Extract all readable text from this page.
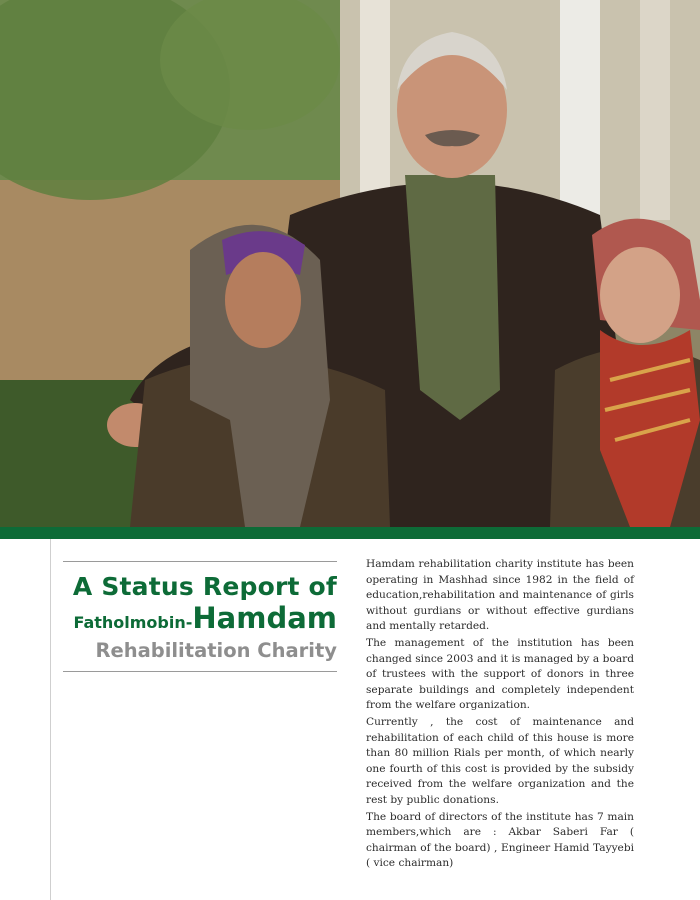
A Status Report of
Fatholmobin-Hamdam
Rehabilitation Charity

Hamdam rehabilitation charity institute has been operating in Mashhad since 1982 in the field of education,rehabilitation and maintenance of girls without gurdians or without effective gurdians and mentally retarded.

The management of the institution has been changed since 2003 and it is managed by a board of trustees with the support of donors in three separate buildings and completely independent from the welfare organization.

Currently , the cost of maintenance and rehabilitation of each child of this house is more than 80 million Rials per month, of which nearly one fourth of this cost is provided by the subsidy received from the welfare organization and the rest by public donations.

The board of directors of the institute has 7 main members,which are : Akbar Saberi Far ( chairman of the board) , Engineer Hamid Tayyebi ( vice chairman)
